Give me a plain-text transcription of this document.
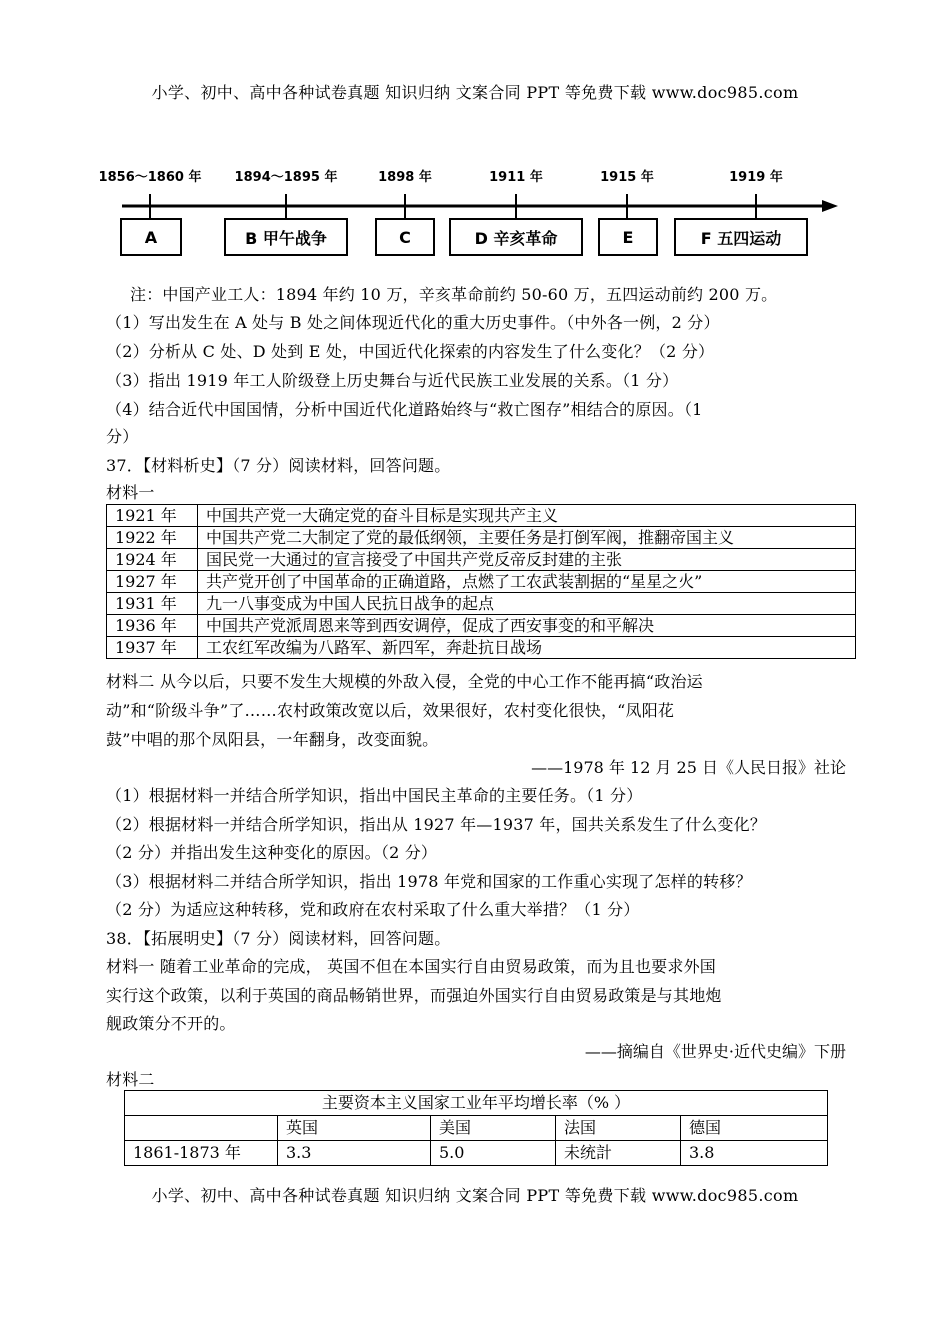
小学、初中、高中各种试卷真题 知识归纳 文案合同 PPT 等免费下载 www.doc985.com
1856～1860 年	1894～1895 年	1898 年	1911 年	1915 年	1919 年
A	B 甲午战争	C	D 辛亥革命	E	F 五四运动
注：中国产业工人：1894 年约 10 万，辛亥革命前约 50-60 万，五四运动前约 200 万。
（1）写出发生在 A 处与 B 处之间体现近代化的重大历史事件。（中外各一例，2 分）
（2）分析从 C 处、D 处到 E 处，中国近代化探索的内容发生了什么变化？（2 分）
（3）指出 1919 年工人阶级登上历史舞台与近代民族工业发展的关系。（1 分）
（4）结合近代中国国情，分析中国近代化道路始终与“救亡图存”相结合的原因。（1
分）
37．【材料析史】（7 分）阅读材料，回答问题。
材料一
1921 年	中国共产党一大确定党的奋斗目标是实现共产主义
1922 年	中国共产党二大制定了党的最低纲领，主要任务是打倒军阀，推翻帝国主义
1924 年	国民党一大通过的宣言接受了中国共产党反帝反封建的主张
1927 年	共产党开创了中国革命的正确道路，点燃了工农武装割据的“星星之火”
1931 年	九一八事变成为中国人民抗日战争的起点
1936 年	中国共产党派周恩来等到西安调停，促成了西安事变的和平解决
1937 年	工农红军改编为八路军、新四军，奔赴抗日战场
材料二 从今以后，只要不发生大规模的外敌入侵，全党的中心工作不能再搞“政治运
动”和“阶级斗争”了……农村政策改宽以后，效果很好，农村变化很快，“凤阳花
鼓”中唱的那个凤阳县，一年翻身，改变面貌。
——1978 年 12 月 25 日《人民日报》社论
（1）根据材料一并结合所学知识，指出中国民主革命的主要任务。（1 分）
（2）根据材料一并结合所学知识，指出从 1927 年—1937 年，国共关系发生了什么变化？
（2 分）并指出发生这种变化的原因。（2 分）
（3）根据材料二并结合所学知识，指出 1978 年党和国家的工作重心实现了怎样的转移？
（2 分）为适应这种转移，党和政府在农村采取了什么重大举措？（1 分）
38．【拓展明史】（7 分）阅读材料，回答问题。
材料一 随着工业革命的完成， 英国不但在本国实行自由贸易政策，而为且也要求外国
实行这个政策，以利于英国的商品畅销世界，而强迫外国实行自由贸易政策是与其地炮
舰政策分不开的。
——摘编自《世界史·近代史编》下册
材料二
主要资本主义国家工业年平均增长率（% ）				
	英国	美国	法国	德国
1861-1873 年	3.3	5.0	未统計	3.8
小学、初中、高中各种试卷真题 知识归纳 文案合同 PPT 等免费下载 www.doc985.com
